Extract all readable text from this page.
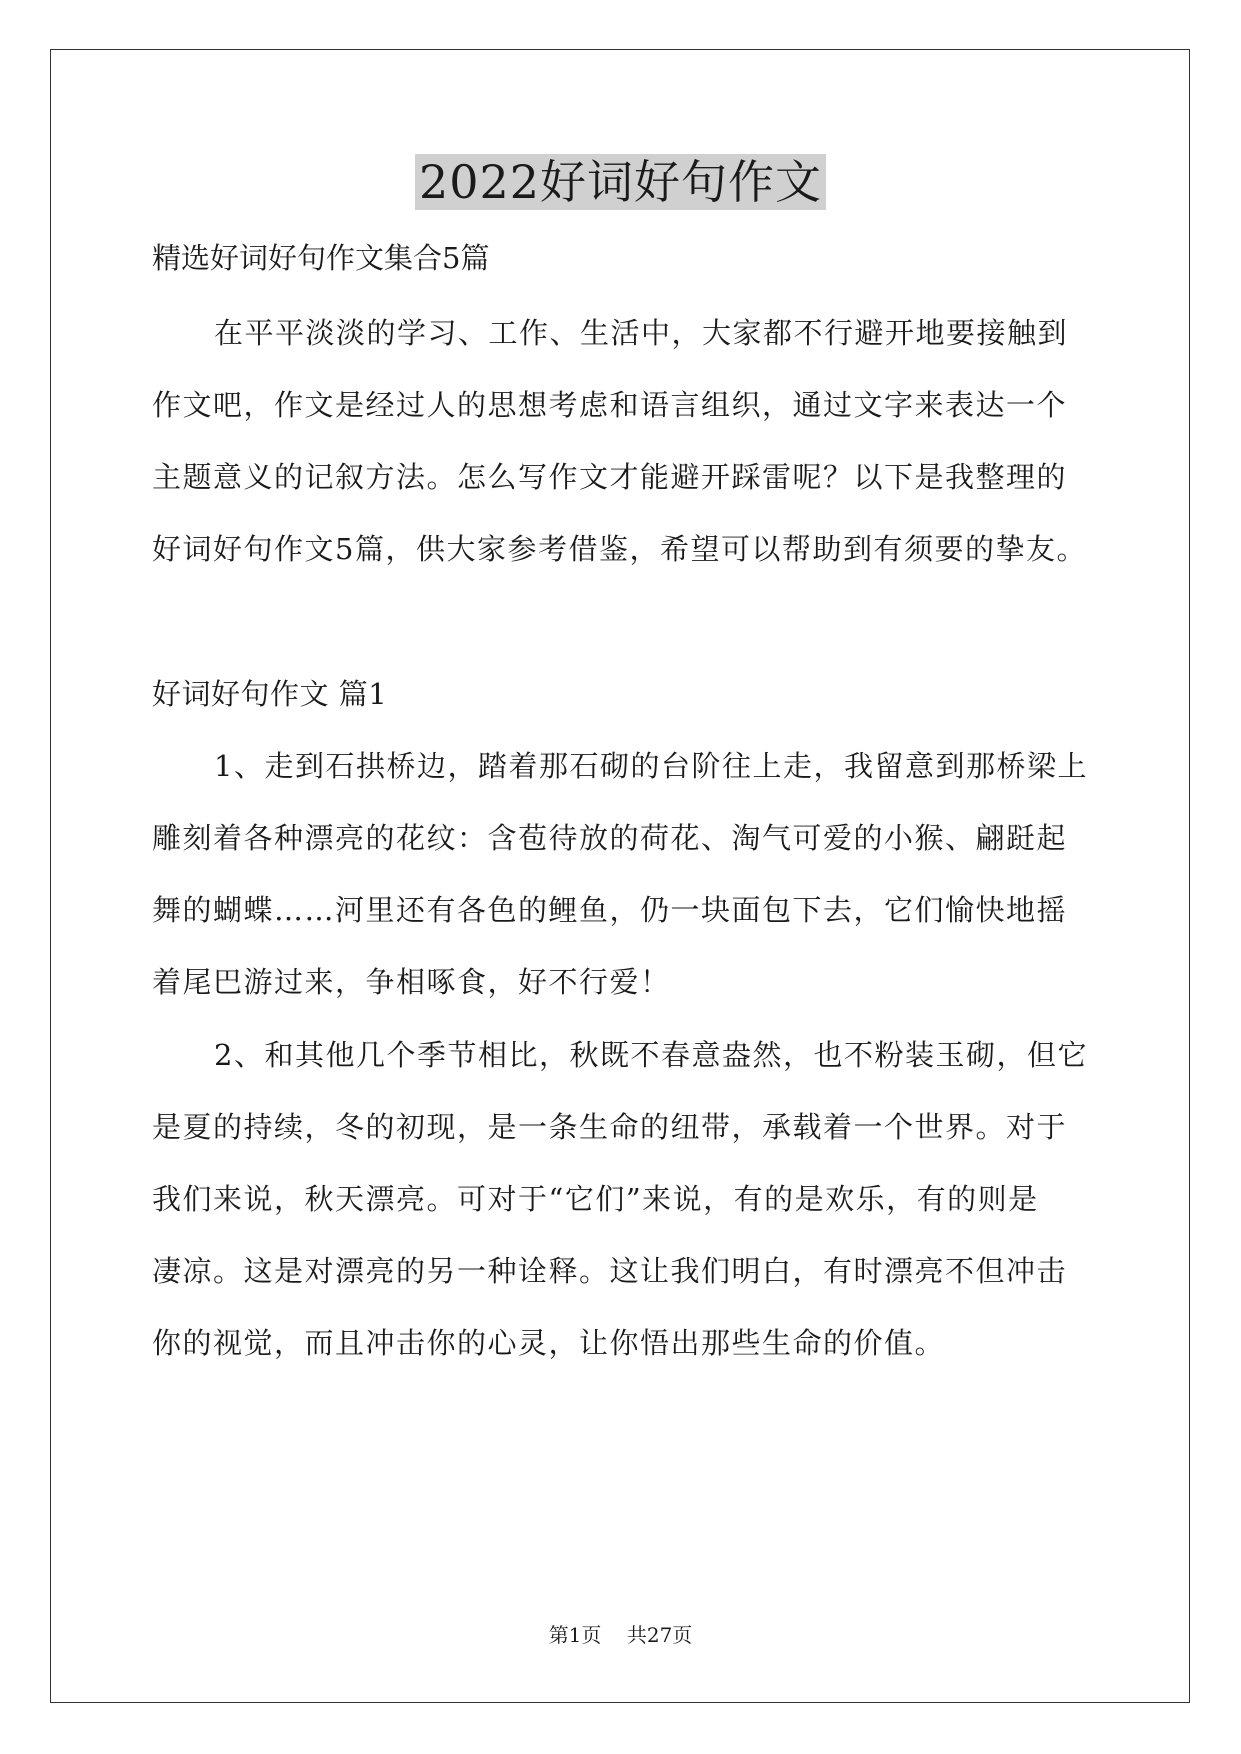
2022好词好句作文
精选好词好句作文集合5篇
在平平淡淡的学习、工作、生活中，大家都不行避开地要接触到
作文吧，作文是经过人的思想考虑和语言组织，通过文字来表达一个
主题意义的记叙方法。怎么写作文才能避开踩雷呢？以下是我整理的
好词好句作文5篇，供大家参考借鉴，希望可以帮助到有须要的挚友。
好词好句作文 篇1
1、走到石拱桥边，踏着那石砌的台阶往上走，我留意到那桥梁上
雕刻着各种漂亮的花纹：含苞待放的荷花、淘气可爱的小猴、翩跹起
舞的蝴蝶……河里还有各色的鲤鱼，仍一块面包下去，它们愉快地摇
着尾巴游过来，争相啄食，好不行爱！
2、和其他几个季节相比，秋既不春意盎然，也不粉装玉砌，但它
是夏的持续，冬的初现，是一条生命的纽带，承载着一个世界。对于
我们来说，秋天漂亮。可对于“它们”来说，有的是欢乐，有的则是
凄凉。这是对漂亮的另一种诠释。这让我们明白，有时漂亮不但冲击
你的视觉，而且冲击你的心灵，让你悟出那些生命的价值。
第1页    共27页
